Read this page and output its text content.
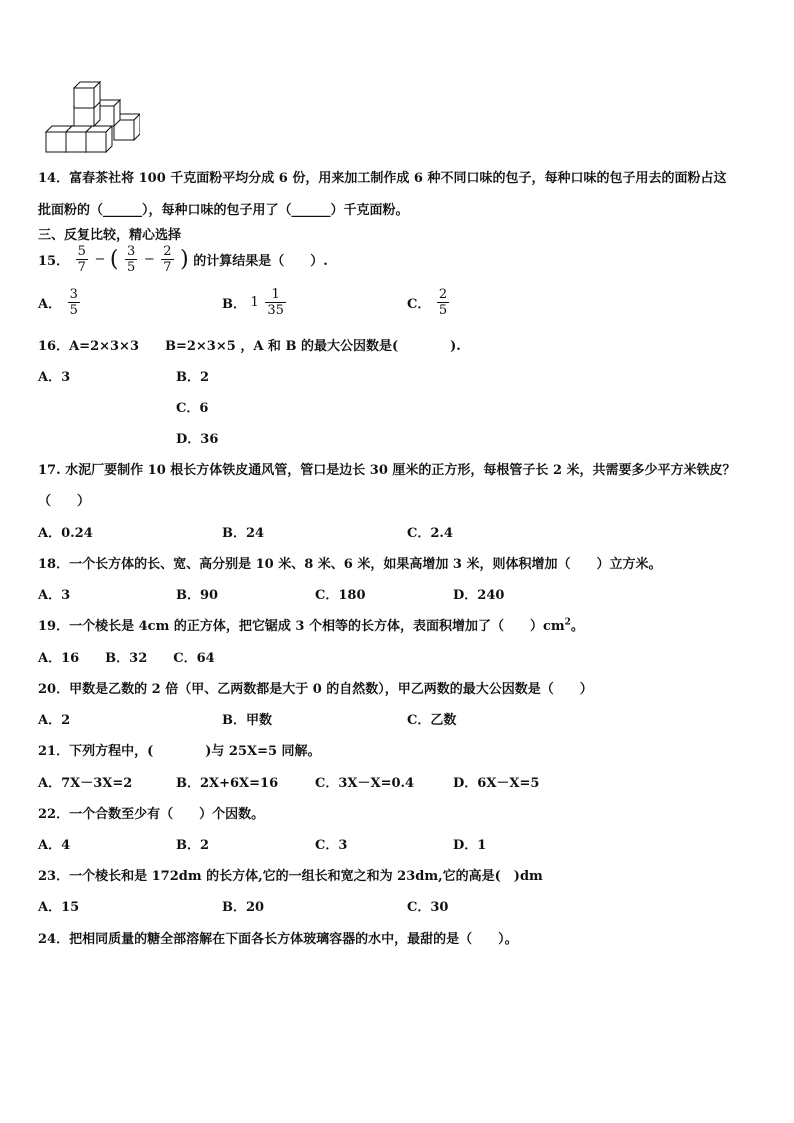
14．富春茶社将 100 千克面粉平均分成 6 份，用来加工制作成 6 种不同口味的包子，每种口味的包子用去的面粉占这
批面粉的（______），每种口味的包子用了（______）千克面粉。
三、反复比较，精心选择
15． $\frac{5}{7}$ − ( $\frac{3}{5} - \frac{2}{7}$ ) 的计算结果是（　　）.
A． $\frac{3}{5}$	B． $1 \frac{1}{35}$	C． $\frac{2}{5}$
16．A=2×3×3　　B=2×3×5 ，A 和 B 的最大公因数是(　　　　).
A．3	B．2
C．6
D．36
17. 水泥厂要制作 10 根长方体铁皮通风管，管口是边长 30 厘米的正方形，每根管子长 2 米，共需要多少平方米铁皮？
（　　）
A．0.24	B．24	C．2.4
18．一个长方体的长、宽、高分别是 10 米、8 米、6 米，如果高增加 3 米，则体积增加（　　）立方米。
A．3	B．90	C．180	D．240
19．一个棱长是 4cm 的正方体，把它锯成 3 个相等的长方体，表面积增加了（　　）$cm^2$。
A．16　　B．32　　C．64
20．甲数是乙数的 2 倍（甲、乙两数都是大于 0 的自然数），甲乙两数的最大公因数是（　　）
A．2	B．甲数	C．乙数
21．下列方程中，(　　　　)与 25X=5 同解。
A．7X－3X=2	B．2X+6X=16	C．3X－X=0.4	D．6X－X=5
22．一个合数至少有（　　）个因数。
A．4	B．2	C．3	D．1
23．一个棱长和是 172dm 的长方体,它的一组长和宽之和为 23dm,它的高是(　)dm
A．15	B．20	C．30
24．把相同质量的糖全部溶解在下面各长方体玻璃容器的水中，最甜的是（　　）。
